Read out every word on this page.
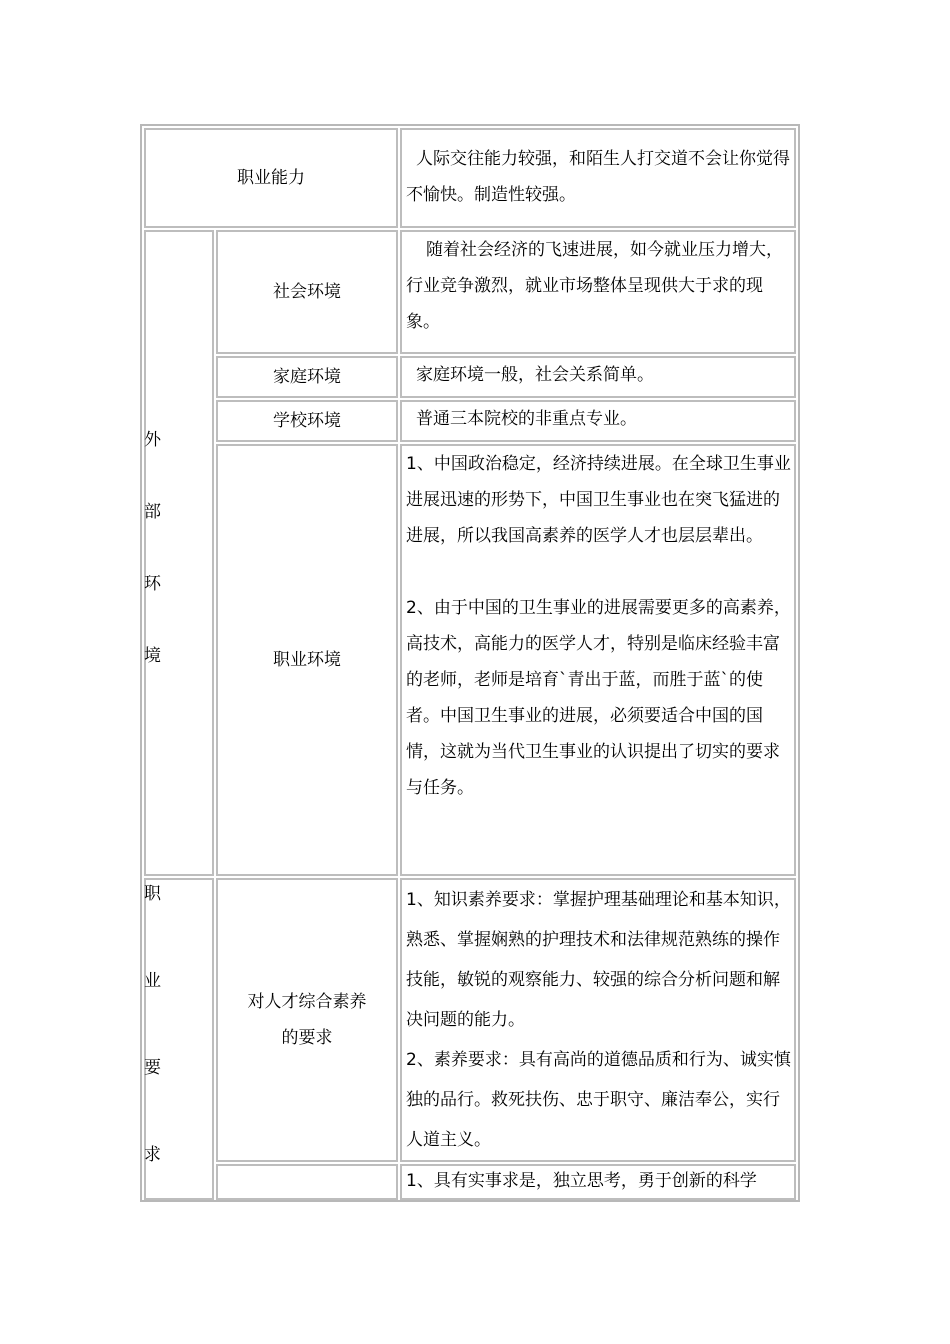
职业能力
人际交往能力较强，和陌生人打交道不会让你觉得不愉快。制造性较强。
外
部
环
境
社会环境
随着社会经济的飞速进展，如今就业压力增大，行业竞争激烈，就业市场整体呈现供大于求的现象。
家庭环境	家庭环境一般，社会关系简单。
学校环境	普通三本院校的非重点专业。
职业环境
1、中国政治稳定，经济持续进展。在全球卫生事业进展迅速的形势下，中国卫生事业也在突飞猛进的进展，所以我国高素养的医学人才也层层辈出。
2、由于中国的卫生事业的进展需要更多的高素养，高技术，高能力的医学人才，特别是临床经验丰富的老师，老师是培育`青出于蓝，而胜于蓝`的使者。中国卫生事业的进展，必须要适合中国的国情，这就为当代卫生事业的认识提出了切实的要求与任务。
职
业
要
求
对人才综合素养
的要求
1、知识素养要求：掌握护理基础理论和基本知识，熟悉、掌握娴熟的护理技术和法律规范熟练的操作技能，敏锐的观察能力、较强的综合分析问题和解决问题的能力。
2、素养要求：具有高尚的道德品质和行为、诚实慎独的品行。救死扶伤、忠于职守、廉洁奉公，实行人道主义。
1、具有实事求是，独立思考，勇于创新的科学
